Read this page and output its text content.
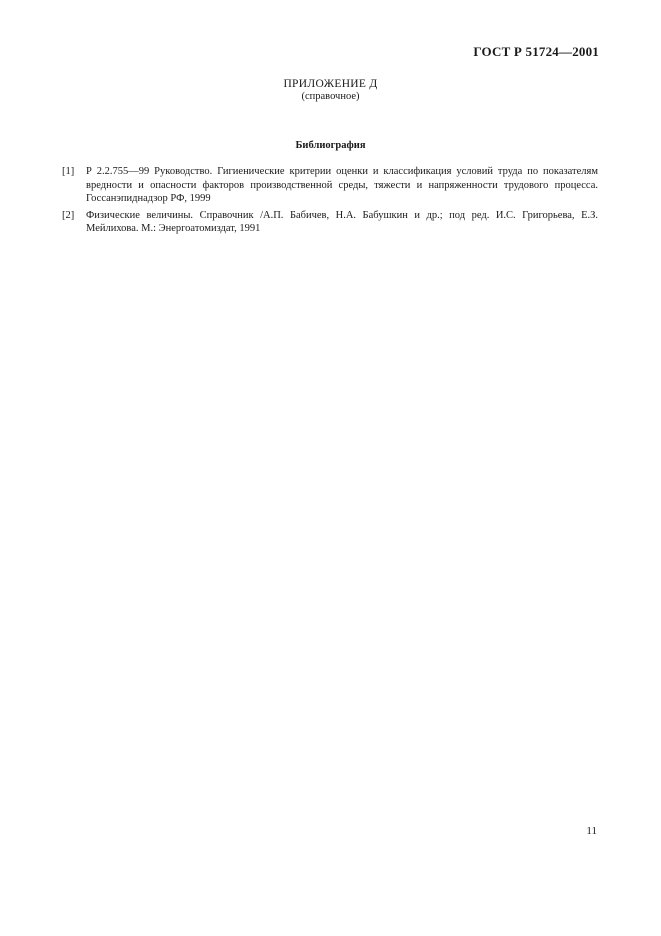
ГОСТ Р 51724—2001
ПРИЛОЖЕНИЕ Д
(справочное)
Библиография
[1]	Р 2.2.755—99 Руководство. Гигиенические критерии оценки и классификация условий труда по показателям вредности и опасности факторов производственной среды, тяжести и напряженности трудового процесса. Госсанэпиднадзор РФ, 1999
[2]	Физические величины. Справочник /А.П. Бабичев, Н.А. Бабушкин и др.; под ред. И.С. Григорьева, Е.З. Мейлихова. М.: Энергоатомиздат, 1991
11
